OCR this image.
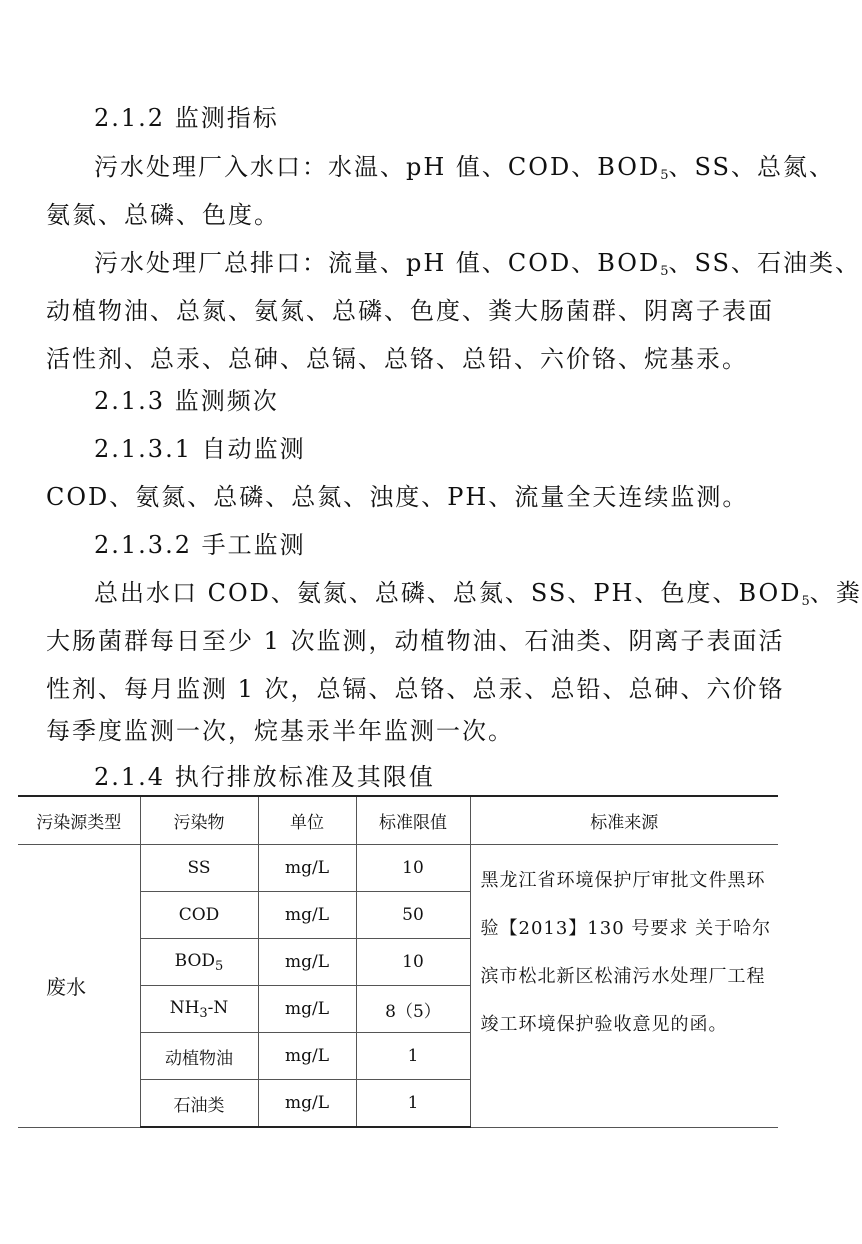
2.1.2 监测指标
污水处理厂入水口：水温、pH 值、COD、$BOD_5$、SS、总氮、
氨氮、总磷、色度。
污水处理厂总排口：流量、pH 值、COD、$BOD_5$、SS、石油类、
动植物油、总氮、氨氮、总磷、色度、粪大肠菌群、阴离子表面
活性剂、总汞、总砷、总镉、总铬、总铅、六价铬、烷基汞。
2.1.3 监测频次
2.1.3.1 自动监测
COD、氨氮、总磷、总氮、浊度、PH、流量全天连续监测。
2.1.3.2 手工监测
总出水口 COD、氨氮、总磷、总氮、SS、PH、色度、$BOD_5$、粪
大肠菌群每日至少 1 次监测，动植物油、石油类、阴离子表面活
性剂、每月监测 1 次，总镉、总铬、总汞、总铅、总砷、六价铬
每季度监测一次，烷基汞半年监测一次。
2.1.4 执行排放标准及其限值
污染源类型	污染物	单位	标准限值	标准来源
废水	SS	mg/L	10	黑龙江省环境保护厅审批文件黑环验【2013】130 号要求 关于哈尔滨市松北新区松浦污水处理厂工程竣工环境保护验收意见的函。
	COD	mg/L	50	
	$BOD_5$	mg/L	10	
	$NH_3-N$	mg/L	8（5）	
	动植物油	mg/L	1	
	石油类	mg/L	1	
